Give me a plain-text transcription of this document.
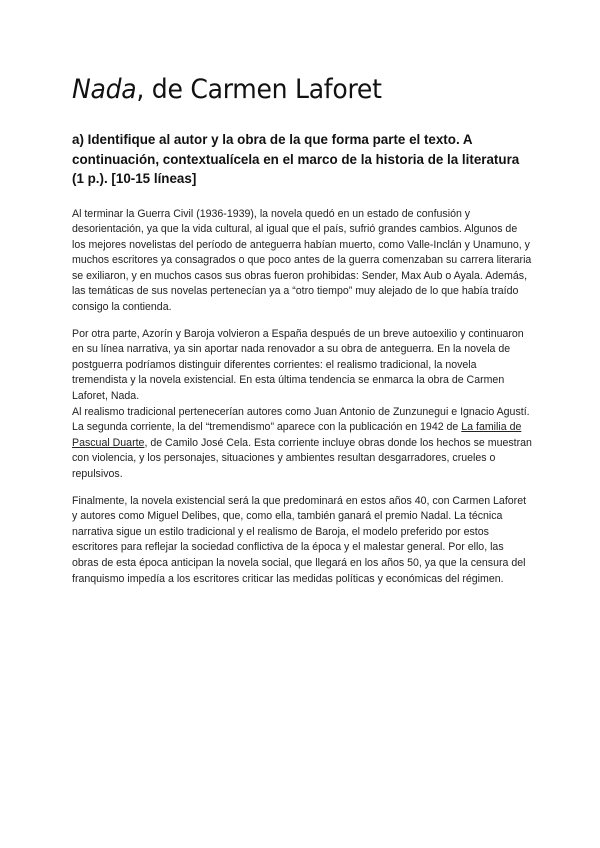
Nada, de Carmen Laforet

a) Identifique al autor y la obra de la que forma parte el texto. A continuación, contextualícela en el marco de la historia de la literatura (1 p.). [10-15 líneas]

Al terminar la Guerra Civil (1936-1939), la novela quedó en un estado de confusión y desorientación, ya que la vida cultural, al igual que el país, sufrió grandes cambios. Algunos de los mejores novelistas del período de anteguerra habían muerto, como Valle-Inclán y Unamuno, y muchos escritores ya consagrados o que poco antes de la guerra comenzaban su carrera literaria se exiliaron, y en muchos casos sus obras fueron prohibidas: Sender, Max Aub o Ayala. Además, las temáticas de sus novelas pertenecían ya a “otro tiempo” muy alejado de lo que había traído consigo la contienda.

Por otra parte, Azorín y Baroja volvieron a España después de un breve autoexilio y continuaron en su línea narrativa, ya sin aportar nada renovador a su obra de anteguerra. En la novela de postguerra podríamos distinguir diferentes corrientes: el realismo tradicional, la novela tremendista y la novela existencial. En esta última tendencia se enmarca la obra de Carmen Laforet, Nada.

Al realismo tradicional pertenecerían autores como Juan Antonio de Zunzunegui e Ignacio Agustí. La segunda corriente, la del “tremendismo” aparece con la publicación en 1942 de La familia de Pascual Duarte, de Camilo José Cela. Esta corriente incluye obras donde los hechos se muestran con violencia, y los personajes, situaciones y ambientes resultan desgarradores, crueles o repulsivos.

Finalmente, la novela existencial será la que predominará en estos años 40, con Carmen Laforet y autores como Miguel Delibes, que, como ella, también ganará el premio Nadal. La técnica narrativa sigue un estilo tradicional y el realismo de Baroja, el modelo preferido por estos escritores para reflejar la sociedad conflictiva de la época y el malestar general. Por ello, las obras de esta época anticipan la novela social, que llegará en los años 50, ya que la censura del franquismo impedía a los escritores criticar las medidas políticas y económicas del régimen.
